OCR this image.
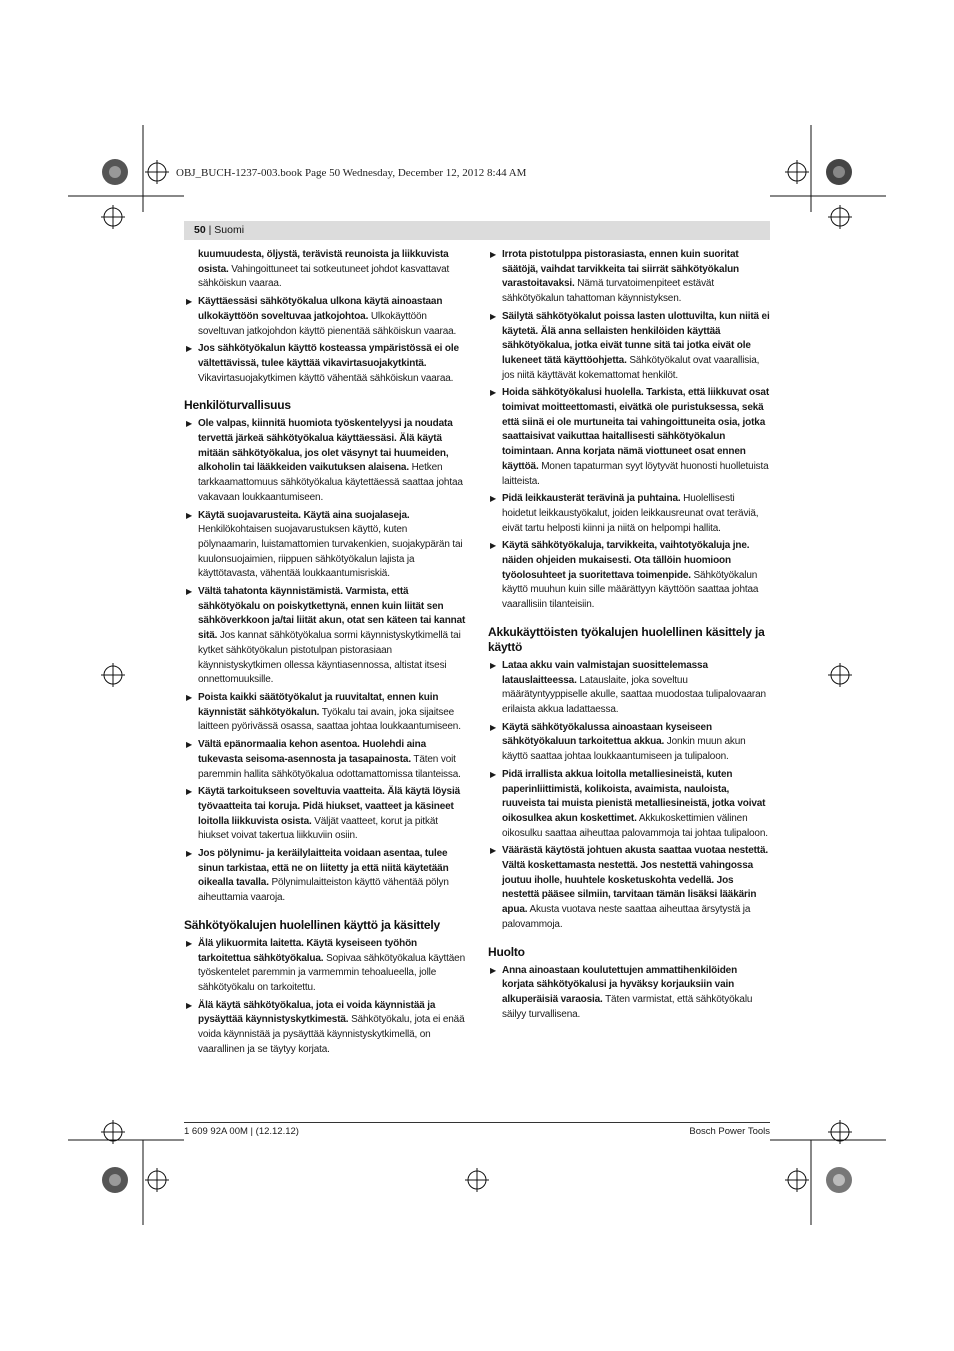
OBJ_BUCH-1237-003.book Page 50 Wednesday, December 12, 2012 8:44 AM
50 | Suomi
kuumuudesta, öljystä, terävistä reunoista ja liikkuvista osista. Vahingoittuneet tai sotkeutuneet johdot kasvattavat sähköiskun vaaraa.
▶ Käyttäessäsi sähkötyökalua ulkona käytä ainoastaan ulkokäyttöön soveltuvaa jatkojohtoa. Ulkokäyttöön soveltuvan jatkojohdon käyttö pienentää sähköiskun vaaraa.
▶ Jos sähkötyökalun käyttö kosteassa ympäristössä ei ole vältettävissä, tulee käyttää vikavirtasuojakytkintä. Vikavirtasuojakytkimen käyttö vähentää sähköiskun vaaraa.
Henkilöturvallisuus
▶ Ole valpas, kiinnitä huomiota työskentelyysi ja noudata tervettä järkeä sähkötyökalua käyttäessäsi. Älä käytä mitään sähkötyökalua, jos olet väsynyt tai huumeiden, alkoholin tai lääkkeiden vaikutuksen alaisena. Hetken tarkkaamattomuus sähkötyökalua käytettäessä saattaa johtaa vakavaan loukkaantumiseen.
▶ Käytä suojavarusteita. Käytä aina suojalaseja. Henkilökohtaisen suojavarustuksen käyttö, kuten pölynaamarin, luistamattomien turvakenkien, suojakypärän tai kuulonsuojaimien, riippuen sähkötyökalun lajista ja käyttötavasta, vähentää loukkaantumisriskiä.
▶ Vältä tahatonta käynnistämistä. Varmista, että sähkötyökalu on poiskytkettynä, ennen kuin liität sen sähköverkkoon ja/tai liität akun, otat sen käteen tai kannat sitä. Jos kannat sähkötyökalua sormi käynnistyskytkimellä tai kytket sähkötyökalun pistotulpan pistorasiaan käynnistyskytkimen ollessa käyntiasennossa, altistat itsesi onnettomuuksille.
▶ Poista kaikki säätötyökalut ja ruuvitaltat, ennen kuin käynnistät sähkötyökalun. Työkalu tai avain, joka sijaitsee laitteen pyörivässä osassa, saattaa johtaa loukkaantumiseen.
▶ Vältä epänormaalia kehon asentoa. Huolehdi aina tukevasta seisoma-asennosta ja tasapainosta. Täten voit paremmin hallita sähkötyökalua odottamattomissa tilanteissa.
▶ Käytä tarkoitukseen soveltuvia vaatteita. Älä käytä löysiä työvaatteita tai koruja. Pidä hiukset, vaatteet ja käsineet loitolla liikkuvista osista. Väljät vaatteet, korut ja pitkät hiukset voivat takertua liikkuviin osiin.
▶ Jos pölynimu- ja keräilylaitteita voidaan asentaa, tulee sinun tarkistaa, että ne on liitetty ja että niitä käytetään oikealla tavalla. Pölynimulaitteiston käyttö vähentää pölyn aiheuttamia vaaroja.
Sähkötyökalujen huolellinen käyttö ja käsittely
▶ Älä ylikuormita laitetta. Käytä kyseiseen työhön tarkoitettua sähkötyökalua. Sopivaa sähkötyökalua käyttäen työskentelet paremmin ja varmemmin tehoalueella, jolle sähkötyökalu on tarkoitettu.
▶ Älä käytä sähkötyökalua, jota ei voida käynnistää ja pysäyttää käynnistyskytkimestä. Sähkötyökalu, jota ei enää voida käynnistää ja pysäyttää käynnistyskytkimellä, on vaarallinen ja se täytyy korjata.
▶ Irrota pistotulppa pistorasiasta, ennen kuin suoritat säätöjä, vaihdat tarvikkeita tai siirrät sähkötyökalun varastoitavaksi. Nämä turvatoimenpiteet estävät sähkötyökalun tahattoman käynnistyksen.
▶ Säilytä sähkötyökalut poissa lasten ulottuvilta, kun niitä ei käytetä. Älä anna sellaisten henkilöiden käyttää sähkötyökalua, jotka eivät tunne sitä tai jotka eivät ole lukeneet tätä käyttöohjetta. Sähkötyökalut ovat vaarallisia, jos niitä käyttävät kokemattomat henkilöt.
▶ Hoida sähkötyökalusi huolella. Tarkista, että liikkuvat osat toimivat moitteettomasti, eivätkä ole puristuksessa, sekä että siinä ei ole murtuneita tai vahingoittuneita osia, jotka saattaisivat vaikuttaa haitallisesti sähkötyökalun toimintaan. Anna korjata nämä viottuneet osat ennen käyttöä. Monen tapaturman syyt löytyvät huonosti huolletuista laitteista.
▶ Pidä leikkausterät terävinä ja puhtaina. Huolellisesti hoidetut leikkaustyökalut, joiden leikkausreunat ovat teräviä, eivät tartu helposti kiinni ja niitä on helpompi hallita.
▶ Käytä sähkötyökaluja, tarvikkeita, vaihtotyökaluja jne. näiden ohjeiden mukaisesti. Ota tällöin huomioon työolosuhteet ja suoritettava toimenpide. Sähkötyökalun käyttö muuhun kuin sille määrättyyn käyttöön saattaa johtaa vaarallisiin tilanteisiin.
Akkukäyttöisten työkalujen huolellinen käsittely ja käyttö
▶ Lataa akku vain valmistajan suosittelemassa latauslaitteessa. Latauslaite, joka soveltuu määrätyntyyppiselle akulle, saattaa muodostaa tulipalovaaran erilaista akkua ladattaessa.
▶ Käytä sähkötyökalussa ainoastaan kyseiseen sähkötyökaluun tarkoitettua akkua. Jonkin muun akun käyttö saattaa johtaa loukkaantumiseen ja tulipaloon.
▶ Pidä irrallista akkua loitolla metalliesineistä, kuten paperinliittimistä, kolikoista, avaimista, nauloista, ruuveista tai muista pienistä metalliesineistä, jotka voivat oikosulkea akun koskettimet. Akkukoskettimien välinen oikosulku saattaa aiheuttaa palovammoja tai johtaa tulipaloon.
▶ Väärästä käytöstä johtuen akusta saattaa vuotaa nestettä. Vältä koskettamasta nestettä. Jos nestettä vahingossa joutuu iholle, huuhtele kosketuskohta vedellä. Jos nestettä pääsee silmiin, tarvitaan tämän lisäksi lääkärin apua. Akusta vuotava neste saattaa aiheuttaa ärsytystä ja palovammoja.
Huolto
▶ Anna ainoastaan koulutettujen ammattihenkilöiden korjata sähkötyökalusi ja hyväksy korjauksiin vain alkuperäisiä varaosia. Täten varmistat, että sähkötyökalu säilyy turvallisena.
1 609 92A 00M | (12.12.12)	Bosch Power Tools
